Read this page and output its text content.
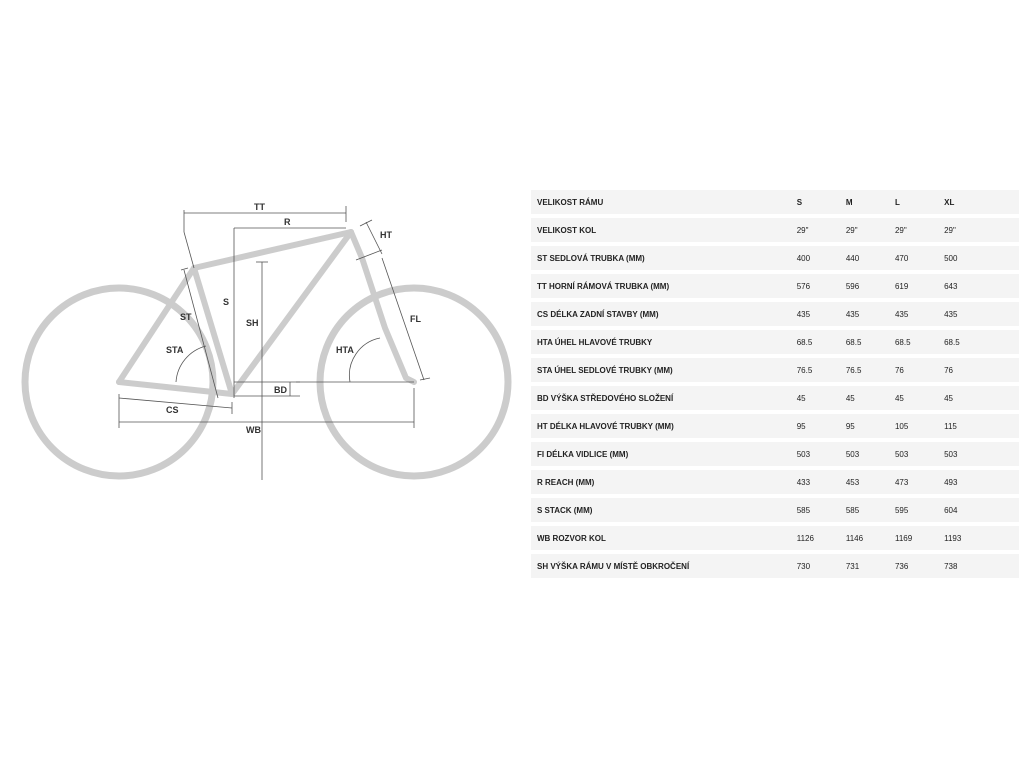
TT
R
HT
S
SH
ST
STA	HTA
FL
BD
CS
WB
VELIKOST RÁMU	S	M	L	XL	
VELIKOST KOL	29"	29"	29"	29"	
ST SEDLOVÁ TRUBKA (MM)	400	440	470	500	
TT HORNÍ RÁMOVÁ TRUBKA (MM)	576	596	619	643	
CS DÉLKA ZADNÍ STAVBY (MM)	435	435	435	435	
HTA ÚHEL HLAVOVÉ TRUBKY	68.5	68.5	68.5	68.5	
STA ÚHEL SEDLOVÉ TRUBKY (MM)	76.5	76.5	76	76	
BD VÝŠKA STŘEDOVÉHO SLOŽENÍ	45	45	45	45	
HT DÉLKA HLAVOVÉ TRUBKY (MM)	95	95	105	115	
FI DÉLKA VIDLICE (MM)	503	503	503	503	
R REACH (MM)	433	453	473	493	
S STACK (MM)	585	585	595	604	
WB ROZVOR KOL	1126	1146	1169	1193	
SH VÝŠKA RÁMU V MÍSTĚ OBKROČENÍ	730	731	736	738	
